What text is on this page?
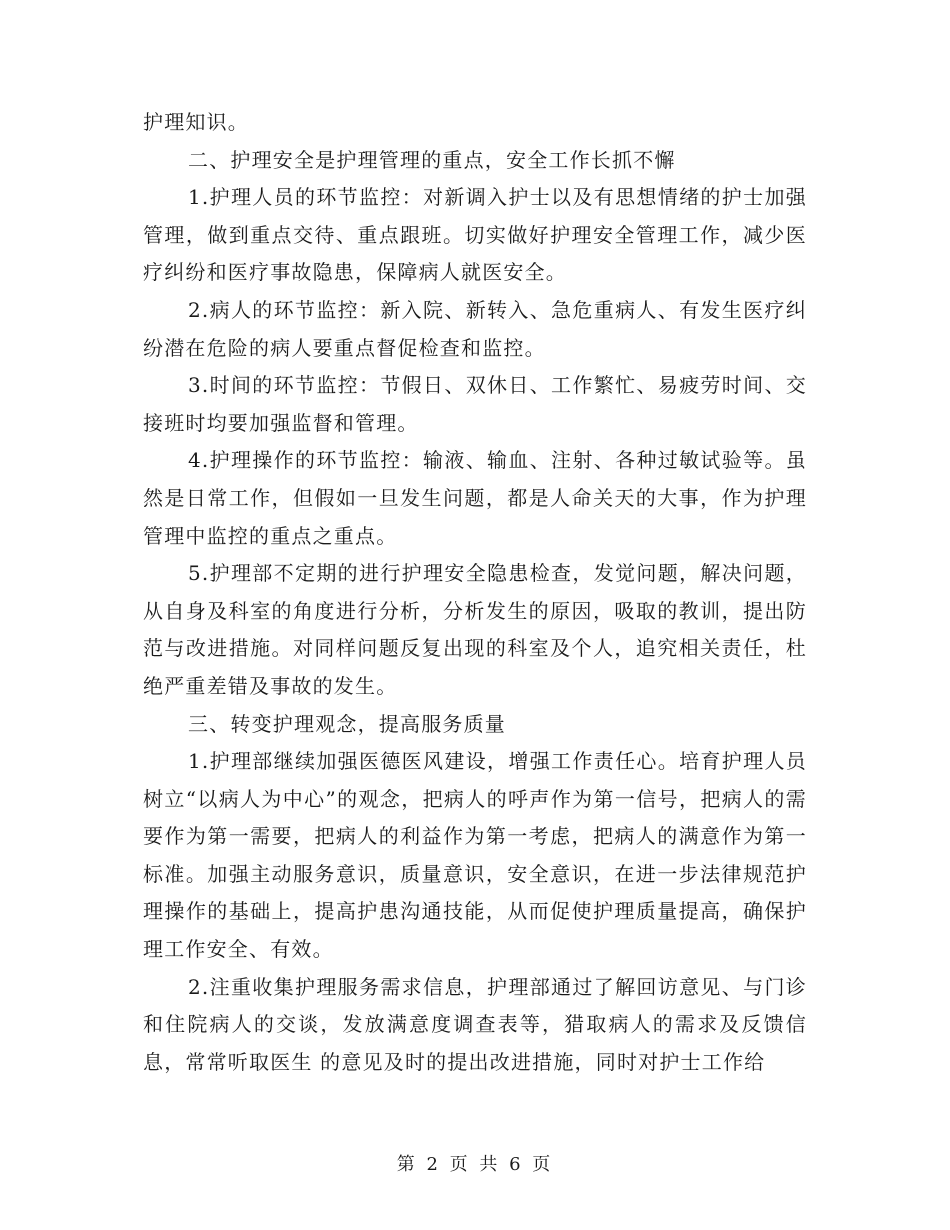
护理知识。

二、护理安全是护理管理的重点，安全工作长抓不懈

1.护理人员的环节监控：对新调入护士以及有思想情绪的护士加强管理，做到重点交待、重点跟班。切实做好护理安全管理工作，减少医疗纠纷和医疗事故隐患，保障病人就医安全。

2.病人的环节监控：新入院、新转入、急危重病人、有发生医疗纠纷潜在危险的病人要重点督促检查和监控。

3.时间的环节监控：节假日、双休日、工作繁忙、易疲劳时间、交接班时均要加强监督和管理。

4.护理操作的环节监控：输液、输血、注射、各种过敏试验等。虽然是日常工作，但假如一旦发生问题，都是人命关天的大事，作为护理管理中监控的重点之重点。

5.护理部不定期的进行护理安全隐患检查，发觉问题，解决问题，从自身及科室的角度进行分析，分析发生的原因，吸取的教训，提出防范与改进措施。对同样问题反复出现的科室及个人，追究相关责任，杜绝严重差错及事故的发生。

三、转变护理观念，提高服务质量

1.护理部继续加强医德医风建设，增强工作责任心。培育护理人员树立“以病人为中心”的观念，把病人的呼声作为第一信号，把病人的需要作为第一需要，把病人的利益作为第一考虑，把病人的满意作为第一标准。加强主动服务意识，质量意识，安全意识，在进一步法律规范护理操作的基础上，提高护患沟通技能，从而促使护理质量提高，确保护理工作安全、有效。

2.注重收集护理服务需求信息，护理部通过了解回访意见、与门诊和住院病人的交谈，发放满意度调查表等，猎取病人的需求及反馈信息，常常听取医生 的意见及时的提出改进措施，同时对护士工作给

第 2 页 共 6 页
